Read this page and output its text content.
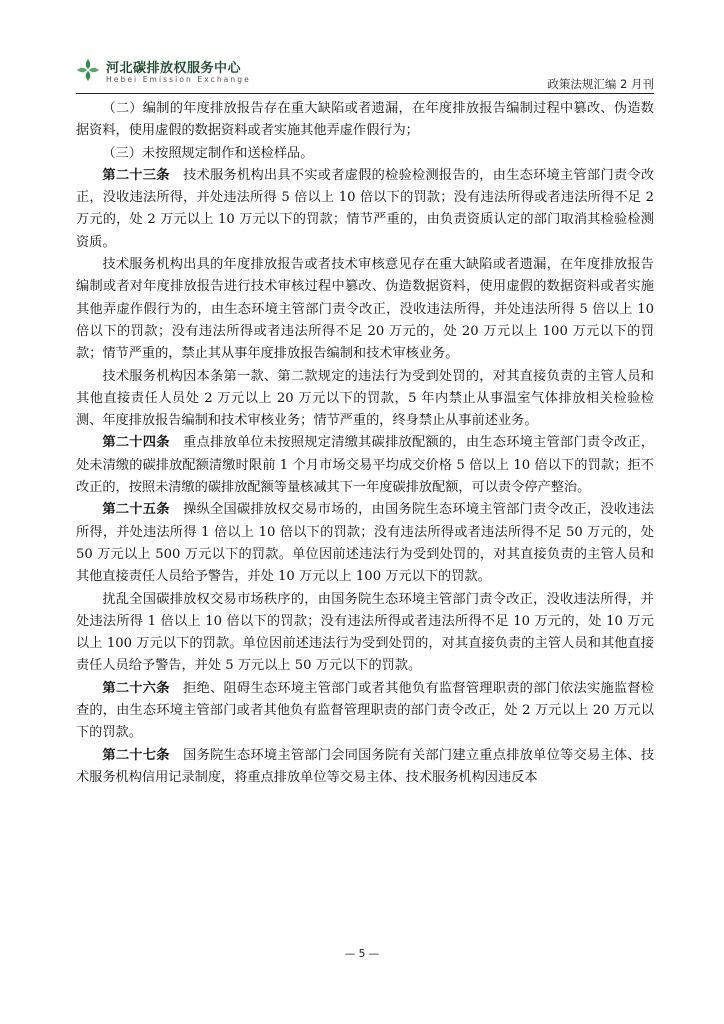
河北碳排放权服务中心
Hebei Emission Exchange	政策法规汇编 2 月刊

（二）编制的年度排放报告存在重大缺陷或者遗漏，在年度排放报告编制过程中篡改、伪造数据资料，使用虚假的数据资料或者实施其他弄虚作假行为；

（三）未按照规定制作和送检样品。

第二十三条　技术服务机构出具不实或者虚假的检验检测报告的，由生态环境主管部门责令改正，没收违法所得，并处违法所得 5 倍以上 10 倍以下的罚款；没有违法所得或者违法所得不足 2 万元的，处 2 万元以上 10 万元以下的罚款；情节严重的，由负责资质认定的部门取消其检验检测资质。

技术服务机构出具的年度排放报告或者技术审核意见存在重大缺陷或者遗漏，在年度排放报告编制或者对年度排放报告进行技术审核过程中篡改、伪造数据资料，使用虚假的数据资料或者实施其他弄虚作假行为的，由生态环境主管部门责令改正，没收违法所得，并处违法所得 5 倍以上 10 倍以下的罚款；没有违法所得或者违法所得不足 20 万元的，处 20 万元以上 100 万元以下的罚款；情节严重的，禁止其从事年度排放报告编制和技术审核业务。

技术服务机构因本条第一款、第二款规定的违法行为受到处罚的，对其直接负责的主管人员和其他直接责任人员处 2 万元以上 20 万元以下的罚款，5 年内禁止从事温室气体排放相关检验检测、年度排放报告编制和技术审核业务；情节严重的，终身禁止从事前述业务。

第二十四条　重点排放单位未按照规定清缴其碳排放配额的，由生态环境主管部门责令改正，处未清缴的碳排放配额清缴时限前 1 个月市场交易平均成交价格 5 倍以上 10 倍以下的罚款；拒不改正的，按照未清缴的碳排放配额等量核减其下一年度碳排放配额，可以责令停产整治。

第二十五条　操纵全国碳排放权交易市场的，由国务院生态环境主管部门责令改正，没收违法所得，并处违法所得 1 倍以上 10 倍以下的罚款；没有违法所得或者违法所得不足 50 万元的，处 50 万元以上 500 万元以下的罚款。单位因前述违法行为受到处罚的，对其直接负责的主管人员和其他直接责任人员给予警告，并处 10 万元以上 100 万元以下的罚款。

扰乱全国碳排放权交易市场秩序的，由国务院生态环境主管部门责令改正，没收违法所得，并处违法所得 1 倍以上 10 倍以下的罚款；没有违法所得或者违法所得不足 10 万元的，处 10 万元以上 100 万元以下的罚款。单位因前述违法行为受到处罚的，对其直接负责的主管人员和其他直接责任人员给予警告，并处 5 万元以上 50 万元以下的罚款。

第二十六条　拒绝、阻碍生态环境主管部门或者其他负有监督管理职责的部门依法实施监督检查的，由生态环境主管部门或者其他负有监督管理职责的部门责令改正，处 2 万元以上 20 万元以下的罚款。

第二十七条　国务院生态环境主管部门会同国务院有关部门建立重点排放单位等交易主体、技术服务机构信用记录制度，将重点排放单位等交易主体、技术服务机构因违反本

— 5 —
